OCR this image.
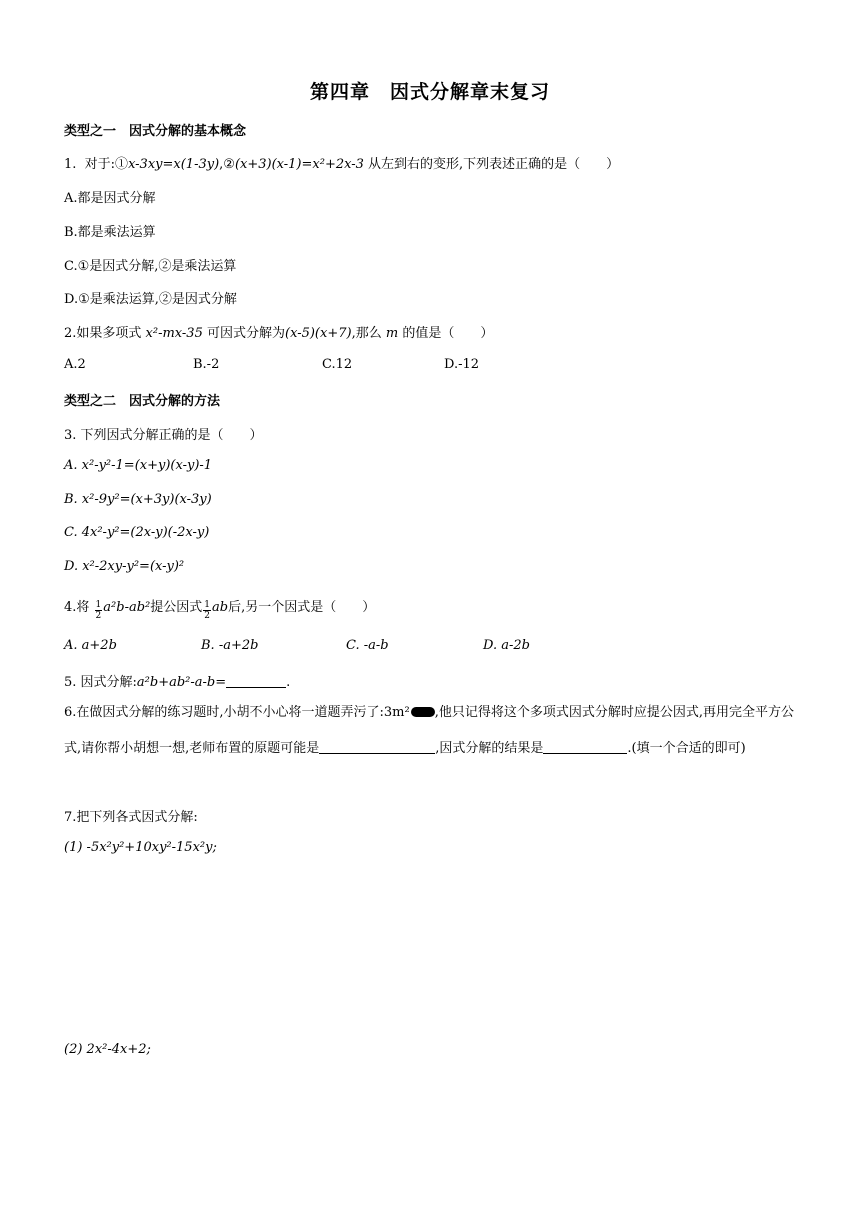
第四章　因式分解章末复习
类型之一　因式分解的基本概念
1. 对于:①x-3xy=x(1-3y),②(x+3)(x-1)=x²+2x-3 从左到右的变形,下列表述正确的是（　　）
A.都是因式分解
B.都是乘法运算
C.①是因式分解,②是乘法运算
D.①是乘法运算,②是因式分解
2.如果多项式 x²-mx-35 可因式分解为(x-5)(x+7),那么 m 的值是（　　）
A.2	B.-2	C.12	D.-12
类型之二　因式分解的方法
3. 下列因式分解正确的是（　　）
A. x²-y²-1=(x+y)(x-y)-1
B. x²-9y²=(x+3y)(x-3y)
C. 4x²-y²=(2x-y)(-2x-y)
D. x²-2xy-y²=(x-y)²
4.将 $\frac{1}{2} a^2b-ab^2$提公因式 $\frac{1}{2}$ ab后,另一个因式是（　　）
A. a+2b	B. -a+2b	C. -a-b	D. a-2b
5. 因式分解:a²b+ab²-a-b=	.
6.在做因式分解的练习题时,小胡不小心将一道题弄污了:3m² ,他只记得将这个多项式因式分解时应提公因式,再用完全平方公式,请你帮小胡想一想,老师布置的原题可能是	,因式分解的结果是	.(填一个合适的即可)
7.把下列各式因式分解:
(1) -5x²y²+10xy²-15x²y;
(2) 2x²-4x+2;
